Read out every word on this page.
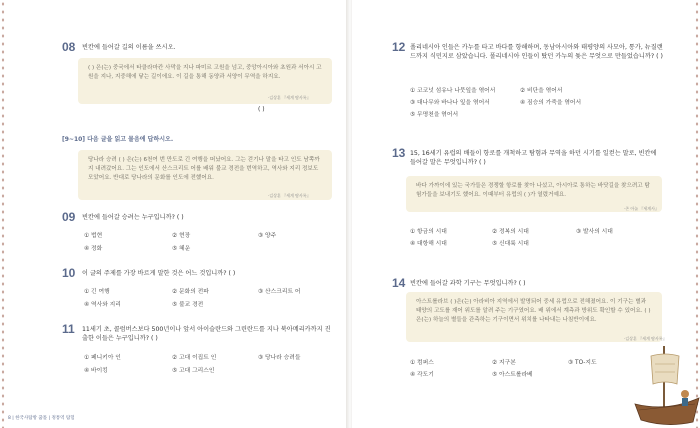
08 빈칸에 들어갈 길의 이름을 쓰시오.

( ) 은(는) 중국에서 타클라마칸 사막을 지나 파미르 고원을 넘고, 중앙아시아와 초원과 서아시 고원을 지나, 지중해에 닿는 길이에요. 이 길을 통해 동양과 서양이 무역을 하지요.

·김상훈 『세계 탐사록』
( )
[9~10] 다음 글을 읽고 물음에 답하시오.

당나라 승려 ( ) 은(는) 6천여 번 만도로 긴 여행을 떠났어요. 그는 걷기나 말을 타고 인도 남쪽까지 내려갔어요. 그는 인도에서 산스크리트 어를 배워 불교 경전을 번역하고, 역사와 지리 정보도 모았어요. 반대로 당나라의 문화를 인도에 전했어요.

·김상훈 『세계 탐사록』
09 빈칸에 들어갈 승려는 누구입니까? ( )
① 법현	② 현장	③ 양주
④ 정화	⑤ 혜운
10 이 글의 주제를 가장 바르게 말한 것은 어느 것입니까? ( )
① 긴 여행	② 문화의 전파	③ 산스크리트 어
④ 역사와 지리	⑤ 불교 경전
11 11세기 초, 콜럼버스보다 500년이나 앞서 아이슬란드와 그린란드를 지나 북아메리카까지 진출한 이들은 누구입니까? ( )
① 페니키아 인	② 고대 이집트 인	③ 당나라 승려들
④ 바이킹	⑤ 고대 그리스인
8 | 한국사탐방 꿈틀 | 정통역 탐험
12 폴리네시아 인들은 카누를 타고 바다를 항해하며, 동남아시아와 태평양의 사모아, 통가, 뉴질랜드까지 식민지로 삼았습니다. 폴리네시아 인들이 탔던 카누의 돛은 무엇으로 만들었습니까? ( )
① 코코넛 섬유나 나뭇잎을 엮어서	② 비단을 엮어서
③ 대나무와 바나나 잎을 엮어서	④ 짐승의 가죽을 엮어서
⑤ 무명천을 엮어서
13 15, 16세기 유럽의 배들이 항로를 개척하고 탐험과 무역을 하던 시기를 일컫는 말로, 빈칸에 들어갈 말은 무엇입니까? ( )

바다 가까이에 있는 국가들은 경쟁할 항로를 찾아 나섰고, 아시아로 통하는 바닷길을 찾으려고 탐험가들을 보내기도 했어요. 이때부터 유럽의 ( )가 열렸거예요.

·존 아놀 『세계사』
① 항금의 시대	② 정복의 시대	③ 발사의 시대
④ 대항해 시대	⑤ 신대륙 시대
14 빈칸에 들어갈 과학 기구는 무엇입니까? ( )

아스트롤라브 ( )은(는) 아라비아 지역에서 발명되어 중세 유럽으로 전해졌어요. 이 기구는 별과 태양의 고도를 재어 위도를 알려 주는 기구였어요. 배 위에서 계측과 방위도 확인할 수 있어요. ( ) 은(는) 하늘의 별들을 관측하는 기구이면서 위치를 나타내는 나침반이에요.

·김상훈 『세계 탐사록』
① 컴퍼스	② 지구본	③ TO-지도
④ 각도기	⑤ 아스트롤라베
